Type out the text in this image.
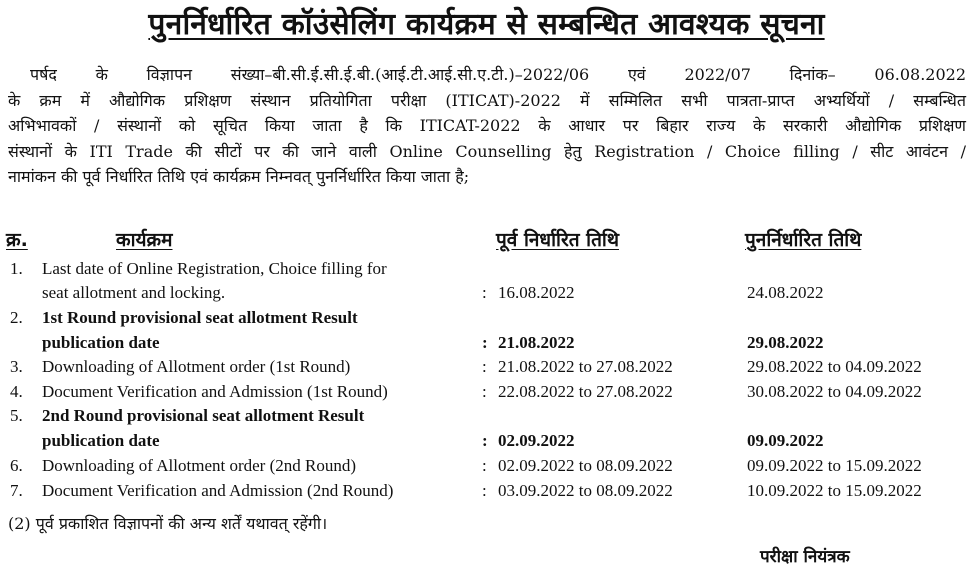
पुनर्निर्धारित कॉउंसेलिंग कार्यक्रम से सम्बन्धित आवश्यक सूचना
पर्षद के विज्ञापन संख्या–बी.सी.ई.सी.ई.बी.(आई.टी.आई.सी.ए.टी.)–2022/06 एवं 2022/07 दिनांक– 06.08.2022
के क्रम में औद्योगिक प्रशिक्षण संस्थान प्रतियोगिता परीक्षा (ITICAT)-2022 में सम्मिलित सभी पात्रता-प्राप्त अभ्यर्थियों / सम्बन्धित
अभिभावकों / संस्थानों को सूचित किया जाता है कि ITICAT-2022 के आधार पर बिहार राज्य के सरकारी औद्योगिक प्रशिक्षण
संस्थानों के ITI Trade की सीटों पर की जाने वाली Online Counselling हेतु Registration / Choice filling / सीट आवंटन /
नामांकन की पूर्व निर्धारित तिथि एवं कार्यक्रम निम्नवत् पुनर्निर्धारित किया जाता है;
क्र.	कार्यक्रम	पूर्व निर्धारित तिथि	पुनर्निर्धारित तिथि
1. Last date of Online Registration, Choice filling for
seat allotment and locking.	: 16.08.2022	24.08.2022
2. 1st Round provisional seat allotment Result
publication date	: 21.08.2022	29.08.2022
3. Downloading of Allotment order (1st Round)	: 21.08.2022 to 27.08.2022	29.08.2022 to 04.09.2022
4. Document Verification and Admission (1st Round)	: 22.08.2022 to 27.08.2022	30.08.2022 to 04.09.2022
5. 2nd Round provisional seat allotment Result
publication date	: 02.09.2022	09.09.2022
6. Downloading of Allotment order (2nd Round)	: 02.09.2022 to 08.09.2022	09.09.2022 to 15.09.2022
7. Document Verification and Admission (2nd Round)	: 03.09.2022 to 08.09.2022	10.09.2022 to 15.09.2022
(2) पूर्व प्रकाशित विज्ञापनों की अन्य शर्तें यथावत् रहेंगी।
परीक्षा नियंत्रक
